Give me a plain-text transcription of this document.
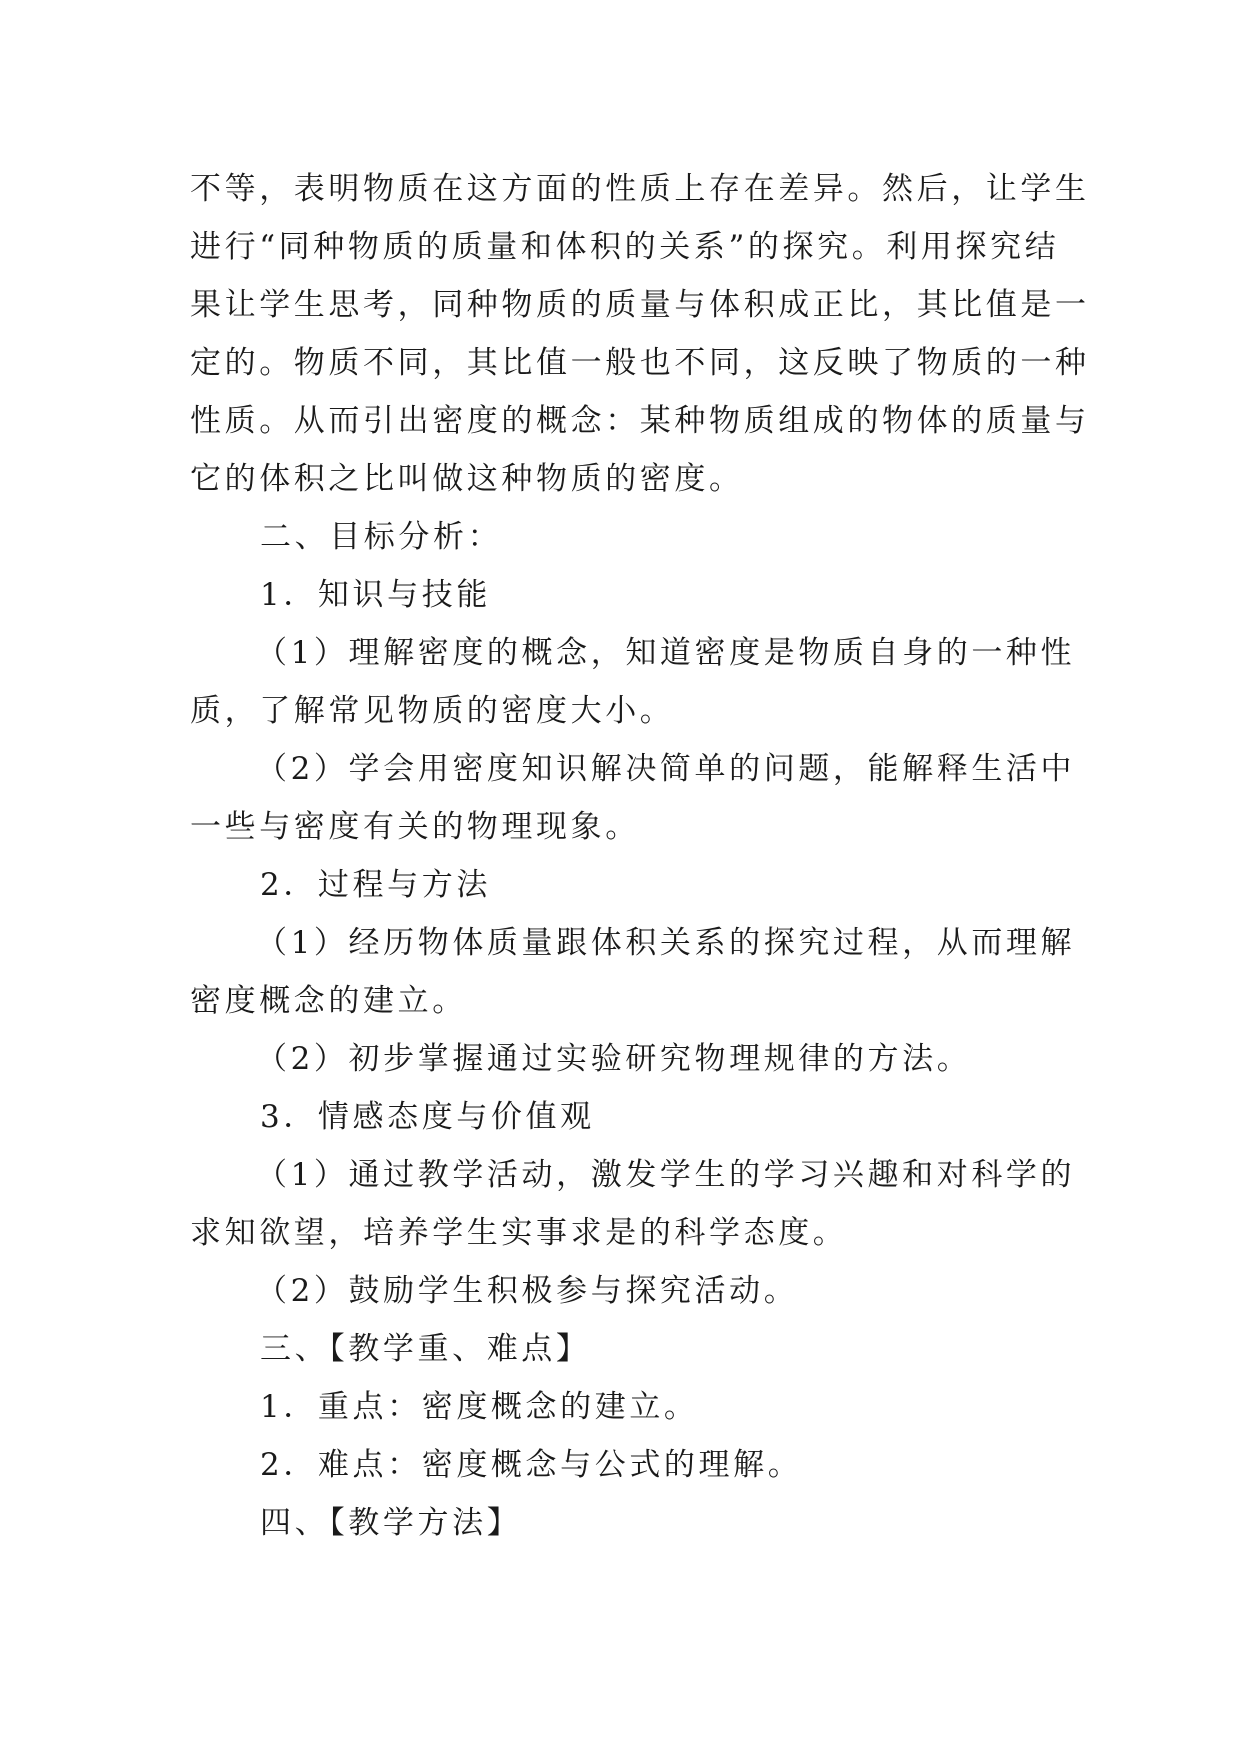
不等，表明物质在这方面的性质上存在差异。然后，让学生
进行“同种物质的质量和体积的关系”的探究。利用探究结
果让学生思考，同种物质的质量与体积成正比，其比值是一
定的。物质不同，其比值一般也不同，这反映了物质的一种
性质。从而引出密度的概念：某种物质组成的物体的质量与
它的体积之比叫做这种物质的密度。
二、目标分析：
1．知识与技能
（1）理解密度的概念，知道密度是物质自身的一种性
质，了解常见物质的密度大小。
（2）学会用密度知识解决简单的问题，能解释生活中
一些与密度有关的物理现象。
2．过程与方法
（1）经历物体质量跟体积关系的探究过程，从而理解
密度概念的建立。
（2）初步掌握通过实验研究物理规律的方法。
3．情感态度与价值观
（1）通过教学活动，激发学生的学习兴趣和对科学的
求知欲望，培养学生实事求是的科学态度。
（2）鼓励学生积极参与探究活动。
三、【教学重、难点】
1．重点：密度概念的建立。
2．难点：密度概念与公式的理解。
四、【教学方法】
